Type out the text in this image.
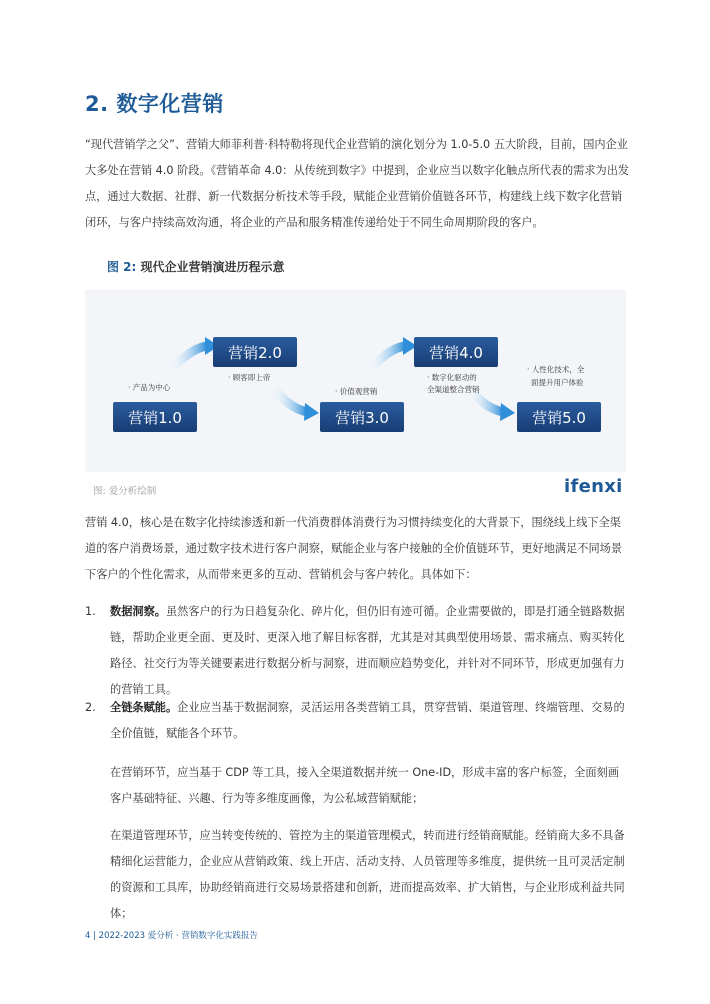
2. 数字化营销

“现代营销学之父”、营销大师菲利普·科特勒将现代企业营销的演化划分为 1.0-5.0 五大阶段，目前，国内企业大多处在营销 4.0 阶段。《营销革命 4.0：从传统到数字》中提到，企业应当以数字化触点所代表的需求为出发点，通过大数据、社群、新一代数据分析技术等手段，赋能企业营销价值链各环节，构建线上线下数字化营销闭环，与客户持续高效沟通，将企业的产品和服务精准传递给处于不同生命周期阶段的客户。

图 2: 现代企业营销演进历程示意

营销1.0
营销2.0
营销3.0
营销4.0
营销5.0
· 产品为中心
· 顾客即上帝
· 价值观营销
· 数字化驱动的
全渠道整合营销
· 人性化技术，全
面提升用户体验

图: 爱分析绘制	ifenxi

营销 4.0，核心是在数字化持续渗透和新一代消费群体消费行为习惯持续变化的大背景下，围绕线上线下全渠道的客户消费场景，通过数字技术进行客户洞察，赋能企业与客户接触的全价值链环节，更好地满足不同场景下客户的个性化需求，从而带来更多的互动、营销机会与客户转化。具体如下：

1. 数据洞察。虽然客户的行为日趋复杂化、碎片化，但仍旧有迹可循。企业需要做的，即是打通全链路数据链，帮助企业更全面、更及时、更深入地了解目标客群，尤其是对其典型使用场景、需求痛点、购买转化路径、社交行为等关键要素进行数据分析与洞察，进而顺应趋势变化，并针对不同环节，形成更加强有力的营销工具。

2. 全链条赋能。企业应当基于数据洞察，灵活运用各类营销工具，贯穿营销、渠道管理、终端管理、交易的全价值链，赋能各个环节。

在营销环节，应当基于 CDP 等工具，接入全渠道数据并统一 One-ID，形成丰富的客户标签，全面刻画客户基础特征、兴趣、行为等多维度画像，为公私域营销赋能；

在渠道管理环节，应当转变传统的、管控为主的渠道管理模式，转而进行经销商赋能。经销商大多不具备精细化运营能力，企业应从营销政策、线上开店、活动支持、人员管理等多维度，提供统一且可灵活定制的资源和工具库，协助经销商进行交易场景搭建和创新，进而提高效率、扩大销售，与企业形成利益共同体；

4 | 2022-2023 爱分析 · 营销数字化实践报告
